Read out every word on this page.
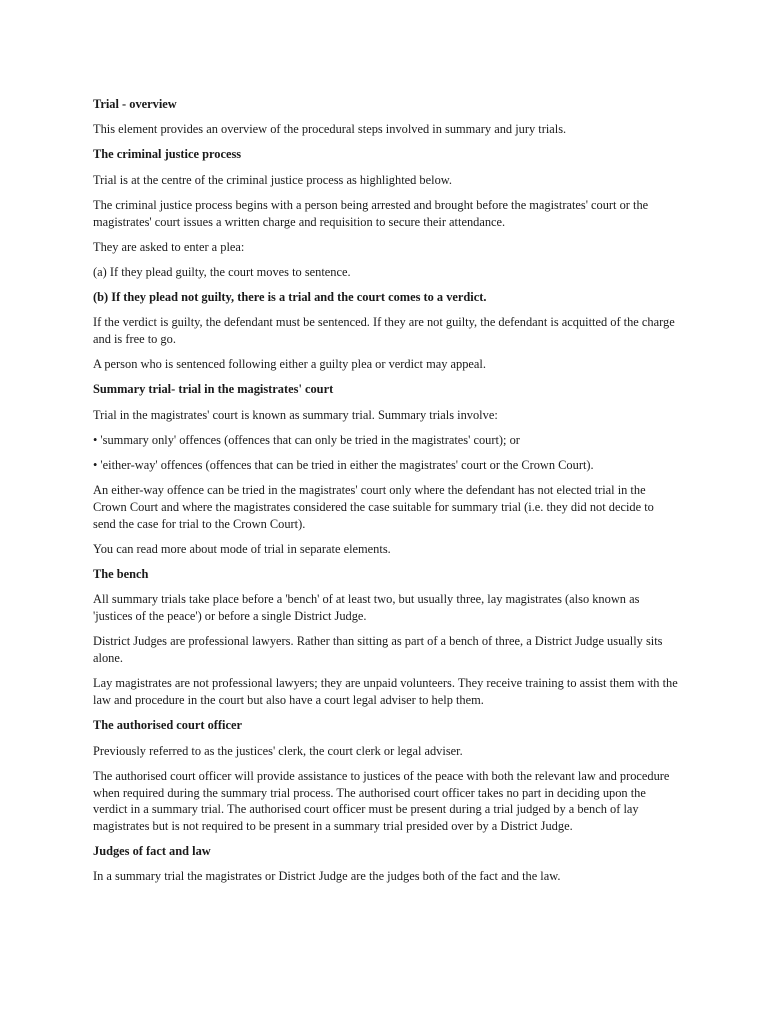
Trial - overview

This element provides an overview of the procedural steps involved in summary and jury trials.

The criminal justice process

Trial is at the centre of the criminal justice process as highlighted below.

The criminal justice process begins with a person being arrested and brought before the magistrates' court or the magistrates' court issues a written charge and requisition to secure their attendance.

They are asked to enter a plea:

(a) If they plead guilty, the court moves to sentence.

(b) If they plead not guilty, there is a trial and the court comes to a verdict.

If the verdict is guilty, the defendant must be sentenced. If they are not guilty, the defendant is acquitted of the charge and is free to go.

A person who is sentenced following either a guilty plea or verdict may appeal.

Summary trial- trial in the magistrates' court

Trial in the magistrates' court is known as summary trial. Summary trials involve:

• 'summary only' offences (offences that can only be tried in the magistrates' court); or

• 'either-way' offences (offences that can be tried in either the magistrates' court or the Crown Court).

An either-way offence can be tried in the magistrates' court only where the defendant has not elected trial in the Crown Court and where the magistrates considered the case suitable for summary trial (i.e. they did not decide to send the case for trial to the Crown Court).

You can read more about mode of trial in separate elements.

The bench

All summary trials take place before a 'bench' of at least two, but usually three, lay magistrates (also known as 'justices of the peace') or before a single District Judge.

District Judges are professional lawyers. Rather than sitting as part of a bench of three, a District Judge usually sits alone.

Lay magistrates are not professional lawyers; they are unpaid volunteers. They receive training to assist them with the law and procedure in the court but also have a court legal adviser to help them.

The authorised court officer

Previously referred to as the justices' clerk, the court clerk or legal adviser.

The authorised court officer will provide assistance to justices of the peace with both the relevant law and procedure when required during the summary trial process. The authorised court officer takes no part in deciding upon the verdict in a summary trial. The authorised court officer must be present during a trial judged by a bench of lay magistrates but is not required to be present in a summary trial presided over by a District Judge.

Judges of fact and law

In a summary trial the magistrates or District Judge are the judges both of the fact and the law.
